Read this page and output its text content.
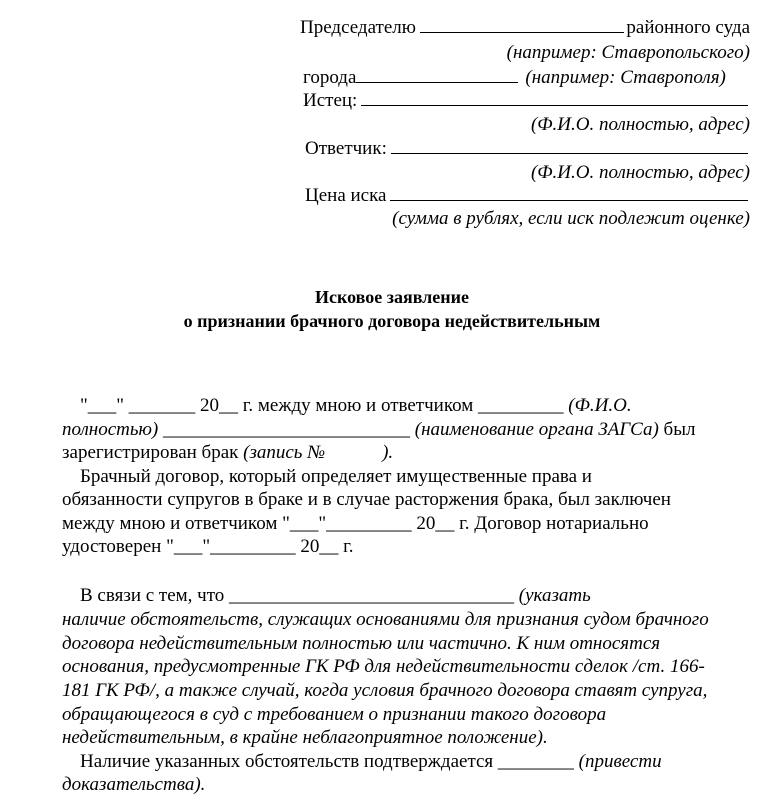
Председателю	районного суда
(например: Ставропольского)
города	(например: Ставрополя)
Истец:
(Ф.И.О. полностью, адрес)
Ответчик:
(Ф.И.О. полностью, адрес)
Цена иска
(сумма в рублях, если иск подлежит оценке)
Исковое заявление
о признании брачного договора недействительным
"___" _______ 20__ г. между мною и ответчиком _________ (Ф.И.О.
полностью) __________________________ (наименование органа ЗАГСа) был
зарегистрирован брак (запись №            ).
Брачный договор, который определяет имущественные права и
обязанности супругов в браке и в случае расторжения брака, был заключен
между мною и ответчиком "___"_________ 20__ г. Договор нотариально
удостоверен "___"_________ 20__ г.
В связи с тем, что ______________________________ (указать
наличие обстоятельств, служащих основаниями для признания судом брачного
договора недействительным полностью или частично. К ним относятся
основания, предусмотренные ГК РФ для недействительности сделок /ст. 166-
181 ГК РФ/, а также случай, когда условия брачного договора ставят супруга,
обращающегося в суд с требованием о признании такого договора
недействительным, в крайне неблагоприятное положение).
Наличие указанных обстоятельств подтверждается ________ (привести
доказательства).
